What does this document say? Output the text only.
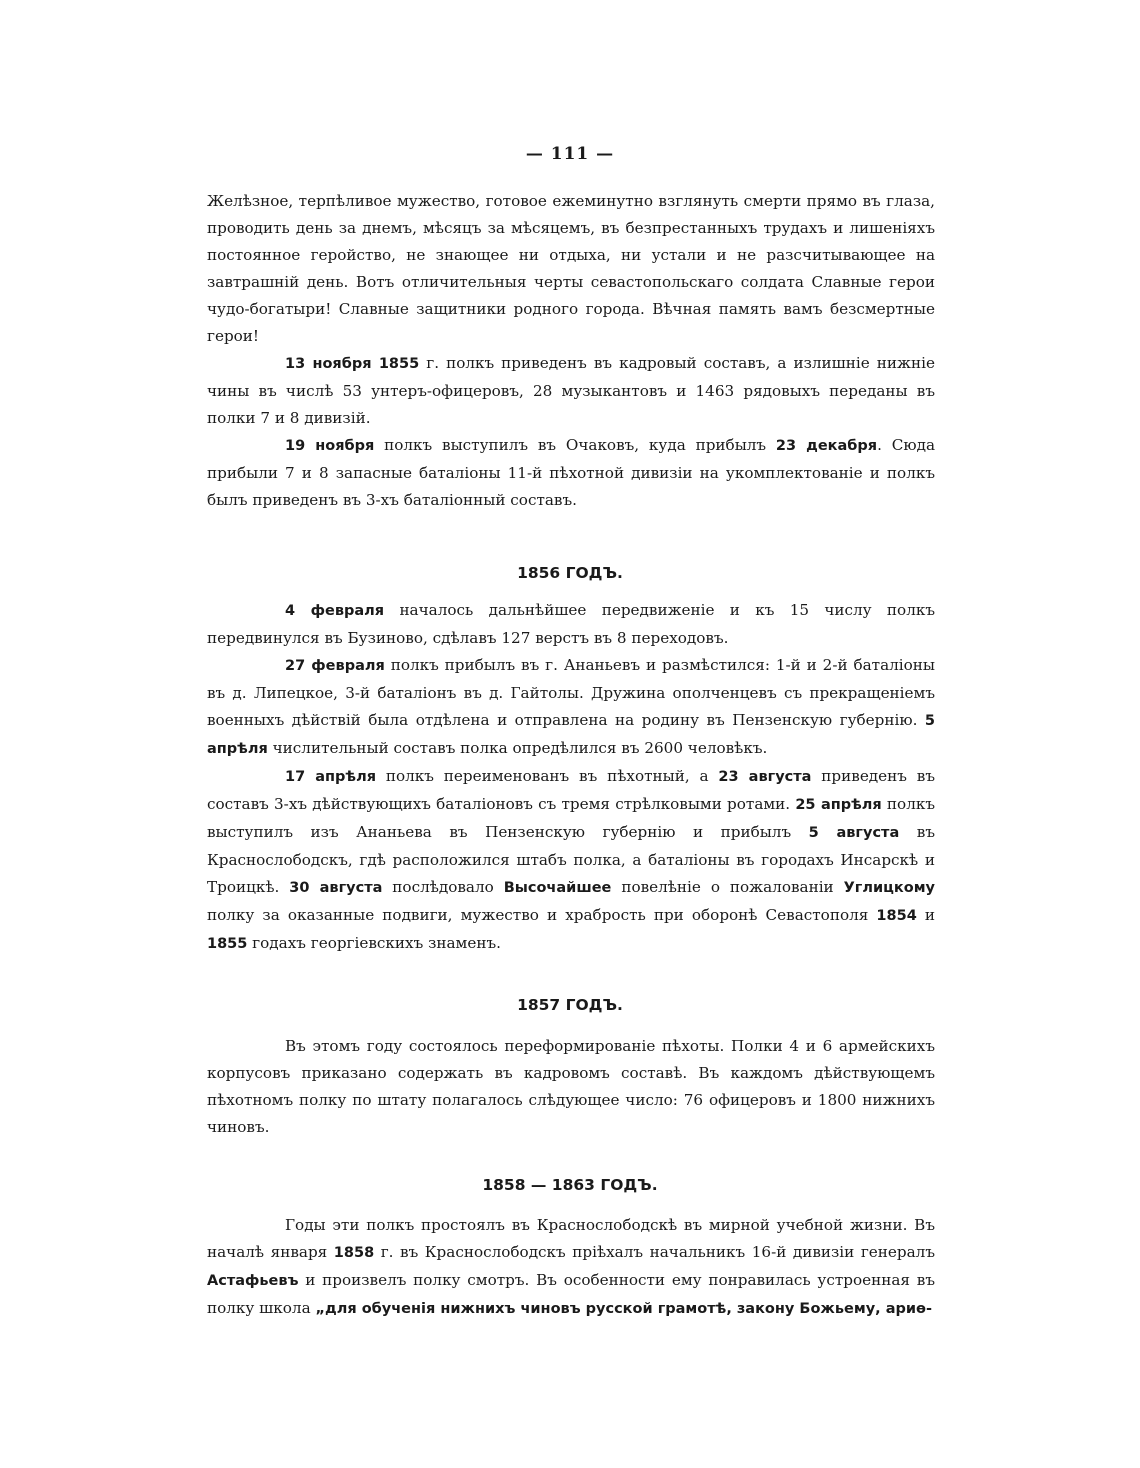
— 111 —

Желѣзное, терпѣливое мужество, готовое ежеминутно взглянуть смерти прямо въ глаза, проводить день за днемъ, мѣсяцъ за мѣсяцемъ, въ безпрестанныхъ трудахъ и лишеніяхъ постоянное геройство, не знающее ни отдыха, ни устали и не разсчитывающее на завтрашній день. Вотъ отличительныя черты севастопольскаго солдата Славные герои чудо-богатыри! Славные защитники родного города. Вѣчная память вамъ безсмертные герои!

13 ноября 1855 г. полкъ приведенъ въ кадровый составъ, а излишніе нижніе чины въ числѣ 53 унтеръ-офицеровъ, 28 музыкантовъ и 1463 рядовыхъ переданы въ полки 7 и 8 дивизій.

19 ноября полкъ выступилъ въ Очаковъ, куда прибылъ 23 декабря. Сюда прибыли 7 и 8 запасные баталіоны 11-й пѣхотной дивизіи на укомплектованіе и полкъ былъ приведенъ въ 3-хъ баталіонный составъ.

1856 ГОДЪ.

4 февраля началось дальнѣйшее передвиженіе и къ 15 числу полкъ передвинулся въ Бузиново, сдѣлавъ 127 верстъ въ 8 переходовъ.

27 февраля полкъ прибылъ въ г. Ананьевъ и размѣстился: 1-й и 2-й баталіоны въ д. Липецкое, 3-й баталіонъ въ д. Гайтолы. Дружина ополченцевъ съ прекращеніемъ военныхъ дѣйствій была отдѣлена и отправлена на родину въ Пензенскую губернію. 5 апрѣля числительный составъ полка опредѣлился въ 2600 человѣкъ.

17 апрѣля полкъ переименованъ въ пѣхотный, а 23 августа приведенъ въ составъ 3-хъ дѣйствующихъ баталіоновъ съ тремя стрѣлковыми ротами. 25 апрѣля полкъ выступилъ изъ Ананьева въ Пензенскую губернію и прибылъ 5 августа въ Краснослободскъ, гдѣ расположился штабъ полка, а баталіоны въ городахъ Инсарскѣ и Троицкѣ. 30 августа послѣдовало Высочайшее повелѣніе о пожалованіи Углицкому полку за оказанные подвиги, мужество и храбрость при оборонѣ Севастополя 1854 и 1855 годахъ георгіевскихъ знаменъ.

1857 ГОДЪ.

Въ этомъ году состоялось переформированіе пѣхоты. Полки 4 и 6 армейскихъ корпусовъ приказано содержать въ кадровомъ составѣ. Въ каждомъ дѣйствующемъ пѣхотномъ полку по штату полагалось слѣдующее число: 76 офицеровъ и 1800 нижнихъ чиновъ.

1858 — 1863 ГОДЪ.

Годы эти полкъ простоялъ въ Краснослободскѣ въ мирной учебной жизни. Въ началѣ января 1858 г. въ Краснослободскъ пріѣхалъ начальникъ 16-й дивизіи генералъ Астафьевъ и произвелъ полку смотръ. Въ особенности ему понравилась устроенная въ полку школа „для обученія нижнихъ чиновъ русской грамотѣ, закону Божьему, ариѳ-
